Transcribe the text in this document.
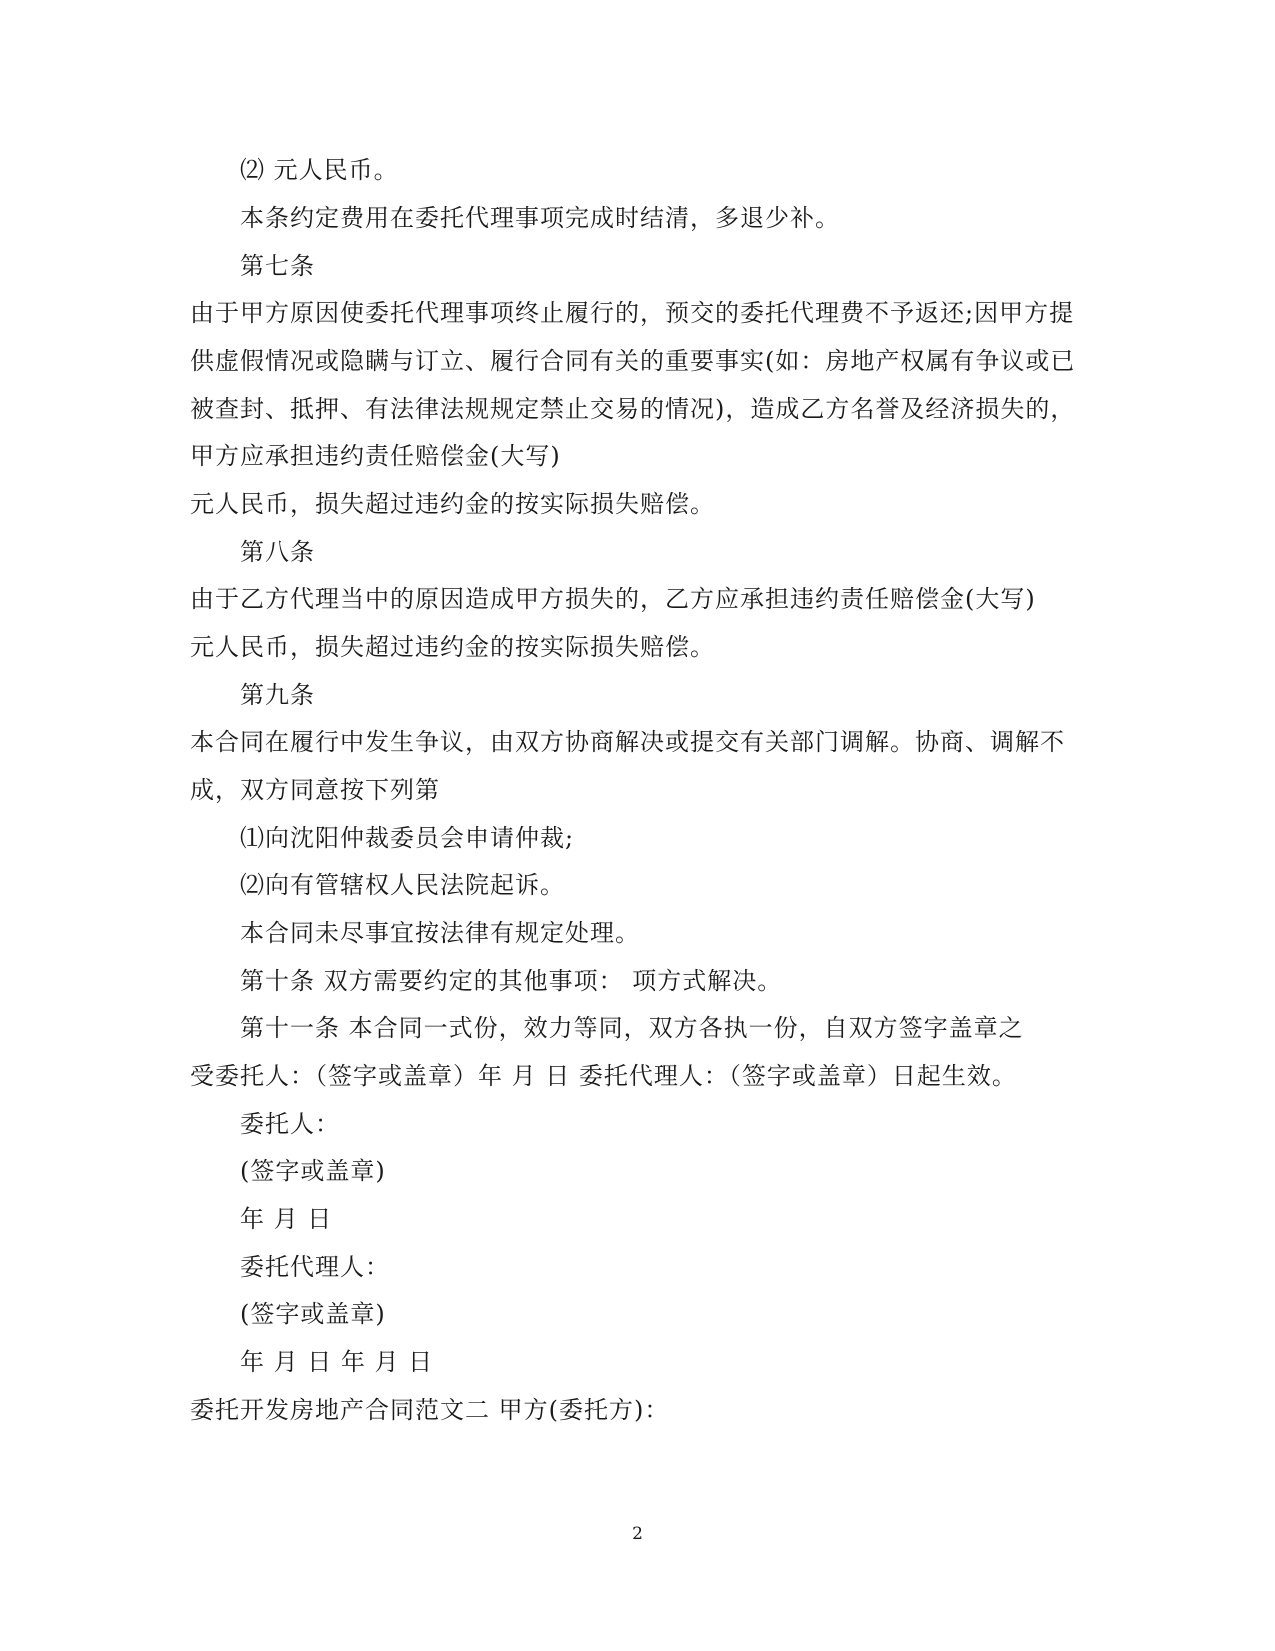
⑵ 元人民币。
本条约定费用在委托代理事项完成时结清，多退少补。
第七条
由于甲方原因使委托代理事项终止履行的，预交的委托代理费不予返还;因甲方提
供虚假情况或隐瞒与订立、履行合同有关的重要事实(如：房地产权属有争议或已
被查封、抵押、有法律法规规定禁止交易的情况)，造成乙方名誉及经济损失的，
甲方应承担违约责任赔偿金(大写)
元人民币，损失超过违约金的按实际损失赔偿。
第八条
由于乙方代理当中的原因造成甲方损失的，乙方应承担违约责任赔偿金(大写)
元人民币，损失超过违约金的按实际损失赔偿。
第九条
本合同在履行中发生争议，由双方协商解决或提交有关部门调解。协商、调解不
成，双方同意按下列第
⑴向沈阳仲裁委员会申请仲裁;
⑵向有管辖权人民法院起诉。
本合同未尽事宜按法律有规定处理。
第十条 双方需要约定的其他事项： 项方式解决。
第十一条 本合同一式份，效力等同，双方各执一份，自双方签字盖章之
受委托人：（签字或盖章）年 月 日 委托代理人：（签字或盖章）日起生效。
委托人：
(签字或盖章)
年 月 日
委托代理人：
(签字或盖章)
年 月 日 年 月 日
委托开发房地产合同范文二 甲方(委托方)：
2
